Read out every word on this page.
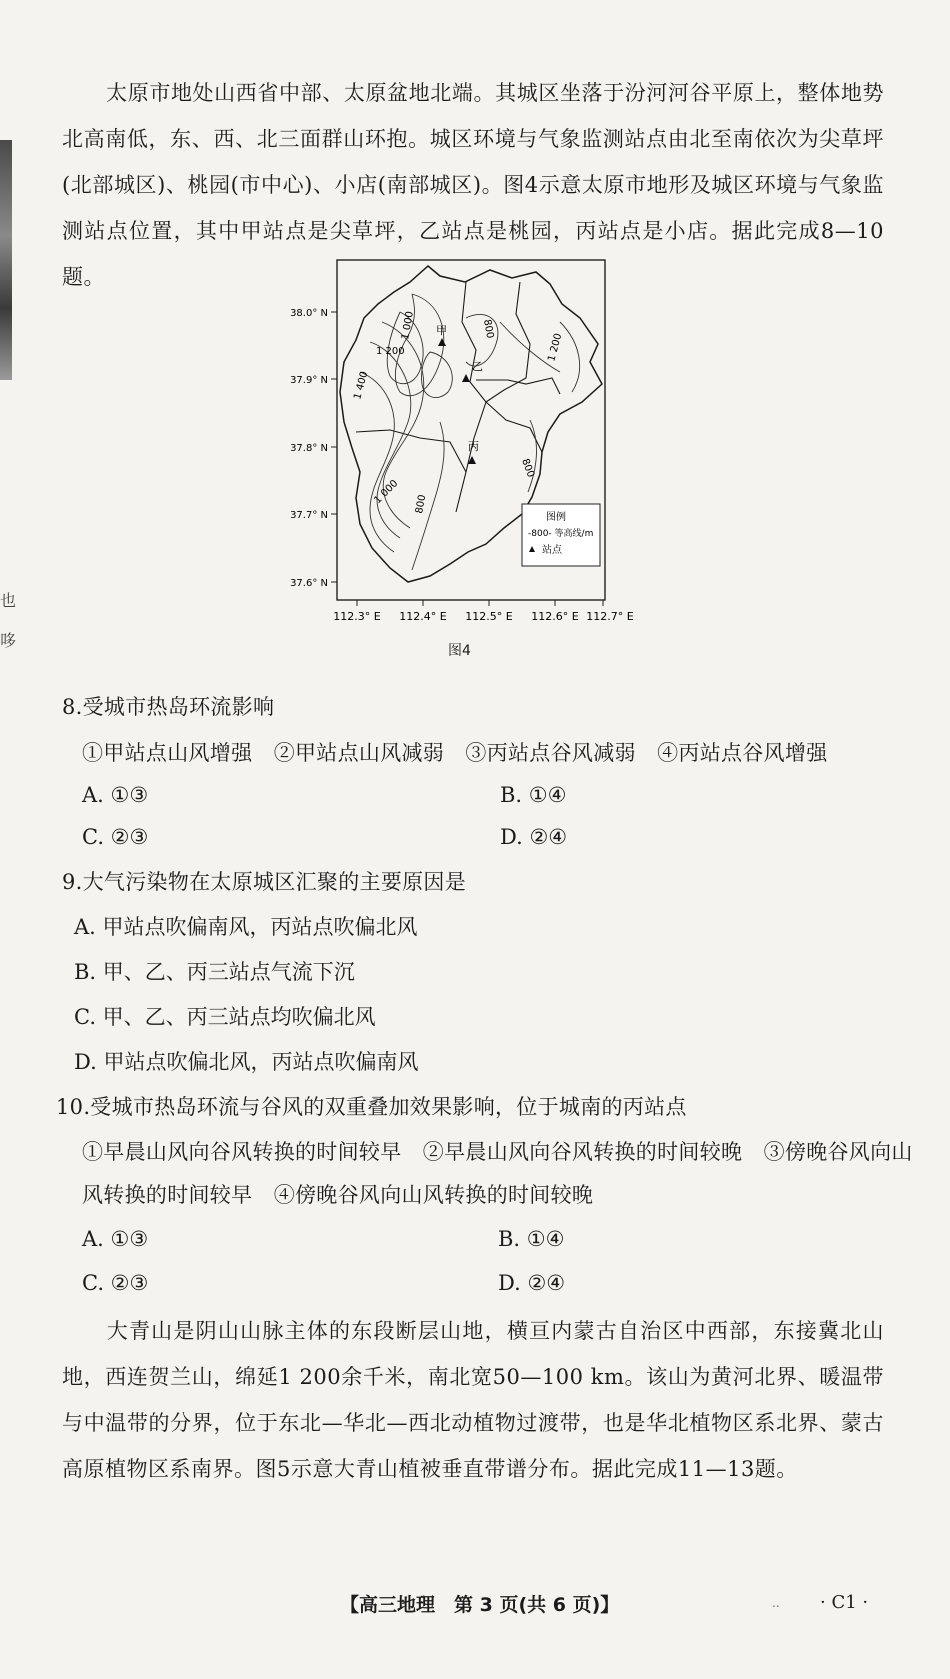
也
哆
太原市地处山西省中部、太原盆地北端。其城区坐落于汾河河谷平原上，整体地势北高南低，东、西、北三面群山环抱。城区环境与气象监测站点由北至南依次为尖草坪(北部城区)、桃园(市中心)、小店(南部城区)。图4示意太原市地形及城区环境与气象监测站点位置，其中甲站点是尖草坪，乙站点是桃园，丙站点是小店。据此完成8—10题。
38.0° N
37.9° N
37.8° N
37.7° N
37.6° N
112.3° E 112.4° E 112.5° E 112.6° E 112.7° E
1 000
1 200
1 400
1 000 800
800
800
1 200
甲
乙
丙
图例
-800- 等高线/m
站点
图4
8.受城市热岛环流影响
①甲站点山风增强　②甲站点山风减弱　③丙站点谷风减弱　④丙站点谷风增强
A. ①③	B. ①④
C. ②③	D. ②④
9.大气污染物在太原城区汇聚的主要原因是
A. 甲站点吹偏南风，丙站点吹偏北风
B. 甲、乙、丙三站点气流下沉
C. 甲、乙、丙三站点均吹偏北风
D. 甲站点吹偏北风，丙站点吹偏南风
10.受城市热岛环流与谷风的双重叠加效果影响，位于城南的丙站点
①早晨山风向谷风转换的时间较早　②早晨山风向谷风转换的时间较晚　③傍晚谷风向山
风转换的时间较早　④傍晚谷风向山风转换的时间较晚
A. ①③	B. ①④
C. ②③	D. ②④
大青山是阴山山脉主体的东段断层山地，横亘内蒙古自治区中西部，东接冀北山地，西连贺兰山，绵延1 200余千米，南北宽50—100 km。该山为黄河北界、暖温带与中温带的分界，位于东北—华北—西北动植物过渡带，也是华北植物区系北界、蒙古高原植物区系南界。图5示意大青山植被垂直带谱分布。据此完成11—13题。
【高三地理　第 3 页(共 6 页)】	.. · C1 ·
